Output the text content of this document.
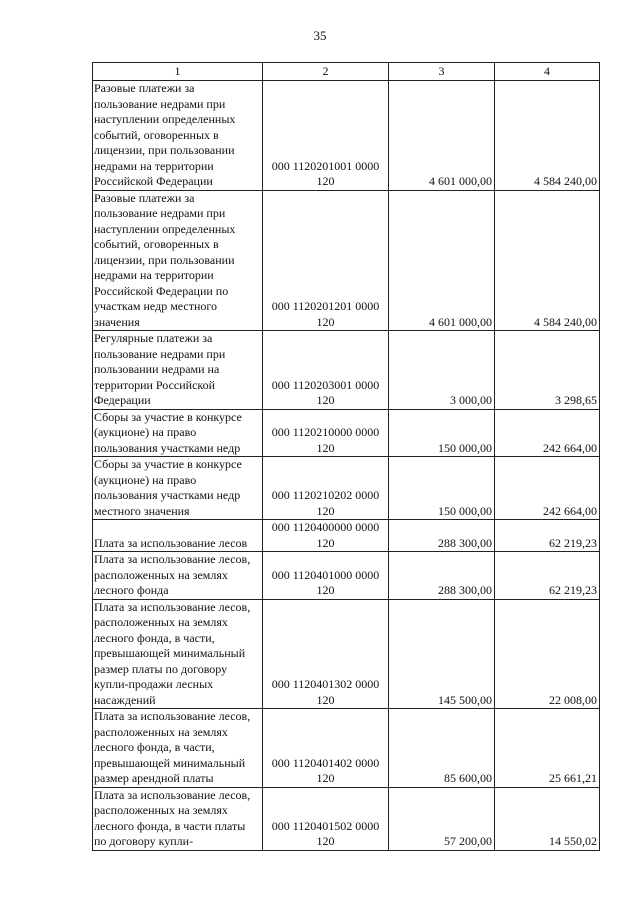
35
1	2	3	4
Разовые платежи за пользование недрами при наступлении определенных событий, оговоренных в лицензии, при пользовании недрами на территории Российской Федерации	000 1120201001 0000 120	4 601 000,00	4 584 240,00
Разовые платежи за пользование недрами при наступлении определенных событий, оговоренных в лицензии, при пользовании недрами на территории Российской Федерации по участкам недр местного значения	000 1120201201 0000 120	4 601 000,00	4 584 240,00
Регулярные платежи за пользование недрами при пользовании недрами на территории Российской Федерации	000 1120203001 0000 120	3 000,00	3 298,65
Сборы за участие в конкурсе (аукционе) на право пользования участками недр	000 1120210000 0000 120	150 000,00	242 664,00
Сборы за участие в конкурсе (аукционе) на право пользования участками недр местного значения	000 1120210202 0000 120	150 000,00	242 664,00
Плата за использование лесов	000 1120400000 0000 120	288 300,00	62 219,23
Плата за использование лесов, расположенных на землях лесного фонда	000 1120401000 0000 120	288 300,00	62 219,23
Плата за использование лесов, расположенных на землях лесного фонда, в части, превышающей минимальный размер платы по договору купли-продажи лесных насаждений	000 1120401302 0000 120	145 500,00	22 008,00
Плата за использование лесов, расположенных на землях лесного фонда, в части, превышающей минимальный размер арендной платы	000 1120401402 0000 120	85 600,00	25 661,21
Плата за использование лесов, расположенных на землях лесного фонда, в части платы по договору купли-	000 1120401502 0000 120	57 200,00	14 550,02
